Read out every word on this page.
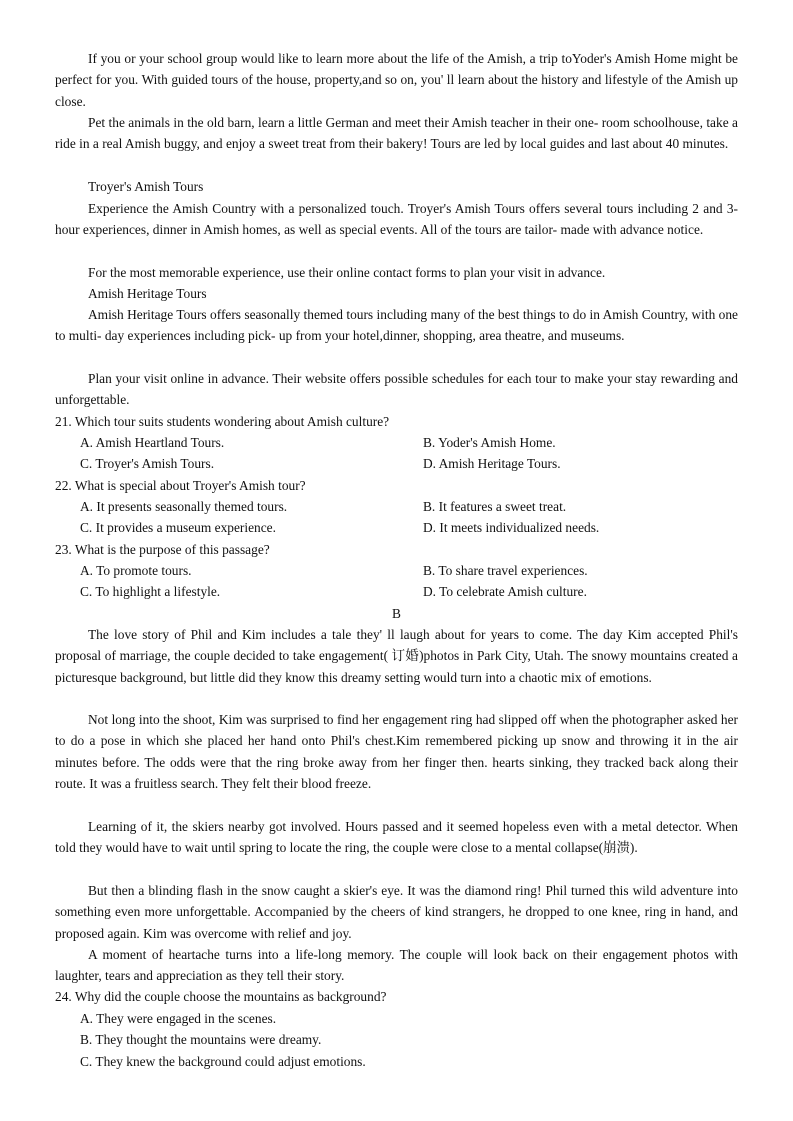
If you or your school group would like to learn more about the life of the Amish, a trip toYoder's Amish Home might be perfect for you. With guided tours of the house, property,and so on, you' ll learn about the history and lifestyle of the Amish up close.

Pet the animals in the old barn, learn a little German and meet their Amish teacher in their one- room schoolhouse, take a ride in a real Amish buggy, and enjoy a sweet treat from their bakery! Tours are led by local guides and last about 40 minutes.

Troyer's Amish Tours

Experience the Amish Country with a personalized touch. Troyer's Amish Tours offers several tours including 2 and 3- hour experiences, dinner in Amish homes, as well as special events. All of the tours are tailor- made with advance notice.

For the most memorable experience, use their online contact forms to plan your visit in advance.

Amish Heritage Tours

Amish Heritage Tours offers seasonally themed tours including many of the best things to do in Amish Country, with one to multi- day experiences including pick- up from your hotel,dinner, shopping, area theatre, and museums.

Plan your visit online in advance. Their website offers possible schedules for each tour to make your stay rewarding and unforgettable.

21. Which tour suits students wondering about Amish culture?

A. Amish Heartland Tours.	B. Yoder's Amish Home.

C. Troyer's Amish Tours.	D. Amish Heritage Tours.

22. What is special about Troyer's Amish tour?

A. It presents seasonally themed tours.	B. It features a sweet treat.

C. It provides a museum experience.	D. It meets individualized needs.

23. What is the purpose of this passage?

A. To promote tours.	B. To share travel experiences.

C. To highlight a lifestyle.	D. To celebrate Amish culture.

B

The love story of Phil and Kim includes a tale they' ll laugh about for years to come. The day Kim accepted Phil's proposal of marriage, the couple decided to take engagement( 订婚)photos in Park City, Utah. The snowy mountains created a picturesque background, but little did they know this dreamy setting would turn into a chaotic mix of emotions.

Not long into the shoot, Kim was surprised to find her engagement ring had slipped off when the photographer asked her to do a pose in which she placed her hand onto Phil's chest.Kim remembered picking up snow and throwing it in the air minutes before. The odds were that the ring broke away from her finger then. hearts sinking, they tracked back along their route. It was a fruitless search. They felt their blood freeze.

Learning of it, the skiers nearby got involved. Hours passed and it seemed hopeless even with a metal detector. When told they would have to wait until spring to locate the ring, the couple were close to a mental collapse(崩溃).

But then a blinding flash in the snow caught a skier's eye. It was the diamond ring! Phil turned this wild adventure into something even more unforgettable. Accompanied by the cheers of kind strangers, he dropped to one knee, ring in hand, and proposed again. Kim was overcome with relief and joy.

A moment of heartache turns into a life-long memory. The couple will look back on their engagement photos with laughter, tears and appreciation as they tell their story.

24. Why did the couple choose the mountains as background?

A. They were engaged in the scenes.

B. They thought the mountains were dreamy.

C. They knew the background could adjust emotions.
